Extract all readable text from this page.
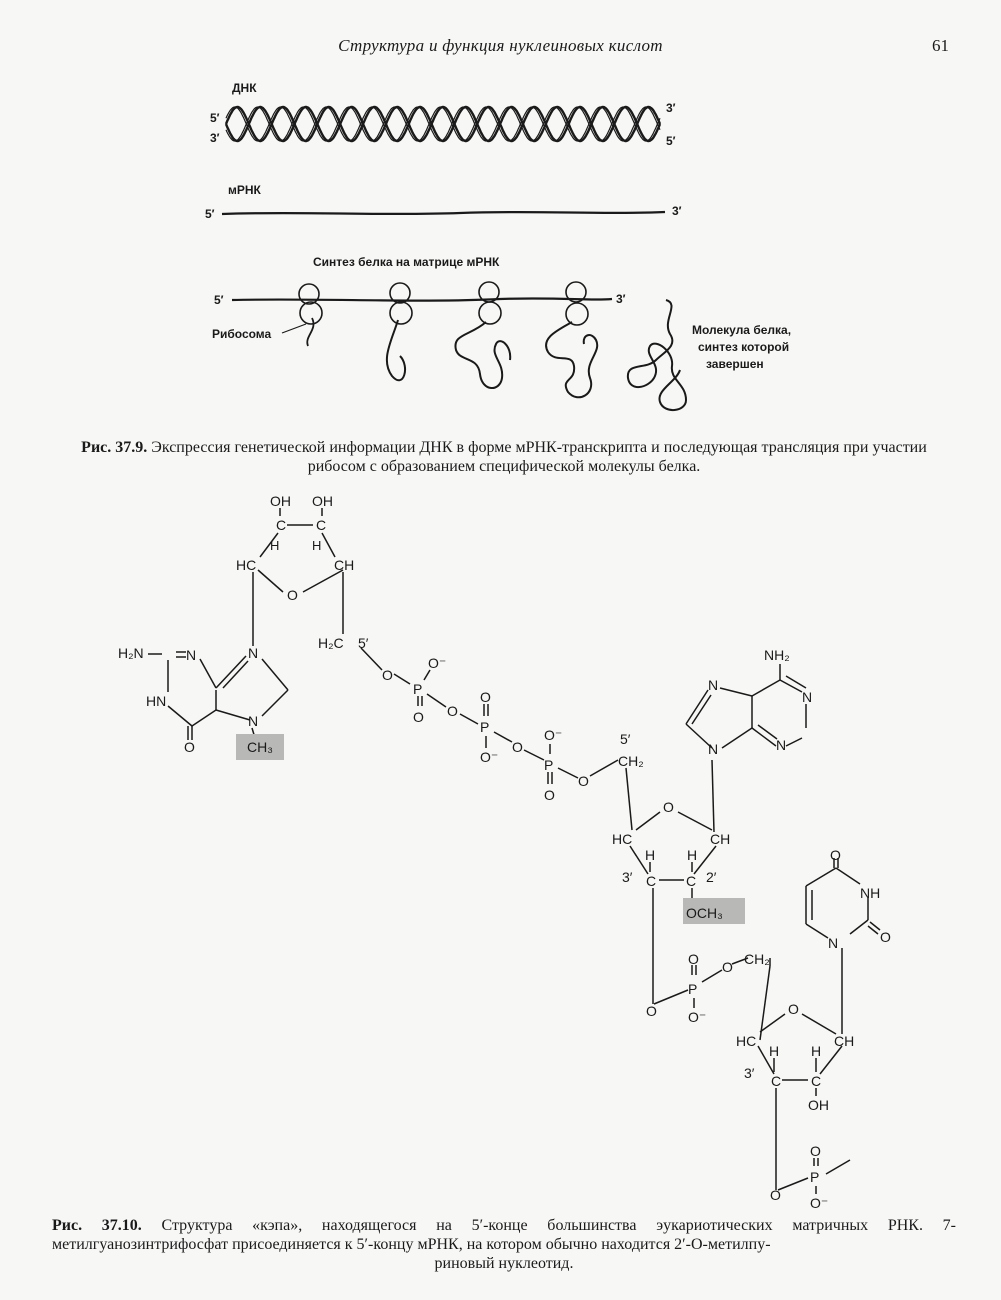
Структура и функция нуклеиновых кислот	61
ДНК
5′
3′
3′
5′
мРНК
5′	3′
Синтез белка на матрице мРНК
5′	3′
Рибосома	Молекула белка,
синтез которой
завершен
OH OH
C C
H	H
HC	CH
O
H₂C 5′
H₂N	N	N
HN
N
O	CH₃
O
P
O⁻
O O
P
O
O⁻
O
P
O⁻
O
O
5′
CH₂
NH₂
N
N
N
N
O
HC	CH
H H
C C
3′	2′
OCH₃
O
NH
N	O
O
P
O
O⁻
O CH₂
O
HC	CH
H H
C C
3′
OH
O
P
O
O⁻
Рис. 37.9. Экспрессия генетической информации ДНК в форме мРНК-транскрипта и последующая трансляция при участии рибосом с образованием специфической молекулы белка.
Рис. 37.10. Структура «кэпа», находящегося на 5′-конце большинства эукариотических матричных РНК. 7-метилгуанозинтрифосфат присоединяется к 5′-концу мРНК, на котором обычно находится 2′-О-метилпу-
риновый нуклеотид.
